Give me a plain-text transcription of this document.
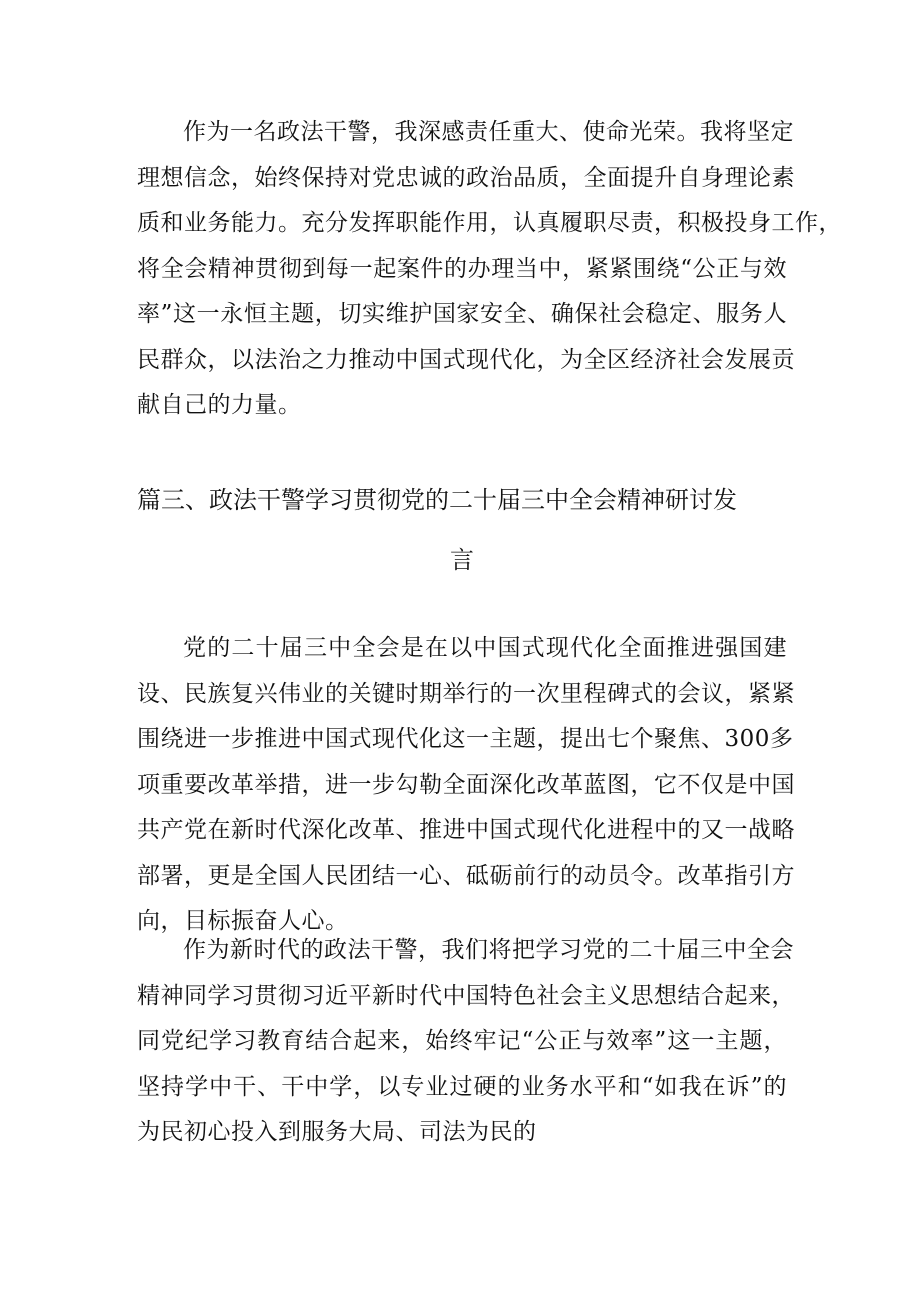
作为一名政法干警，我深感责任重大、使命光荣。我将坚定
理想信念，始终保持对党忠诚的政治品质，全面提升自身理论素
质和业务能力。充分发挥职能作用，认真履职尽责，积极投身工作，
将全会精神贯彻到每一起案件的办理当中，紧紧围绕“公正与效
率”这一永恒主题，切实维护国家安全、确保社会稳定、服务人
民群众，以法治之力推动中国式现代化，为全区经济社会发展贡
献自己的力量。
篇三、政法干警学习贯彻党的二十届三中全会精神研讨发
言
党的二十届三中全会是在以中国式现代化全面推进强国建
设、民族复兴伟业的关键时期举行的一次里程碑式的会议，紧紧
围绕进一步推进中国式现代化这一主题，提出七个聚焦、300多
项重要改革举措，进一步勾勒全面深化改革蓝图，它不仅是中国
共产党在新时代深化改革、推进中国式现代化进程中的又一战略
部署，更是全国人民团结一心、砥砺前行的动员令。改革指引方
向，目标振奋人心。
作为新时代的政法干警，我们将把学习党的二十届三中全会
精神同学习贯彻习近平新时代中国特色社会主义思想结合起来，
同党纪学习教育结合起来，始终牢记“公正与效率”这一主题，
坚持学中干、干中学，以专业过硬的业务水平和“如我在诉”的
为民初心投入到服务大局、司法为民的
